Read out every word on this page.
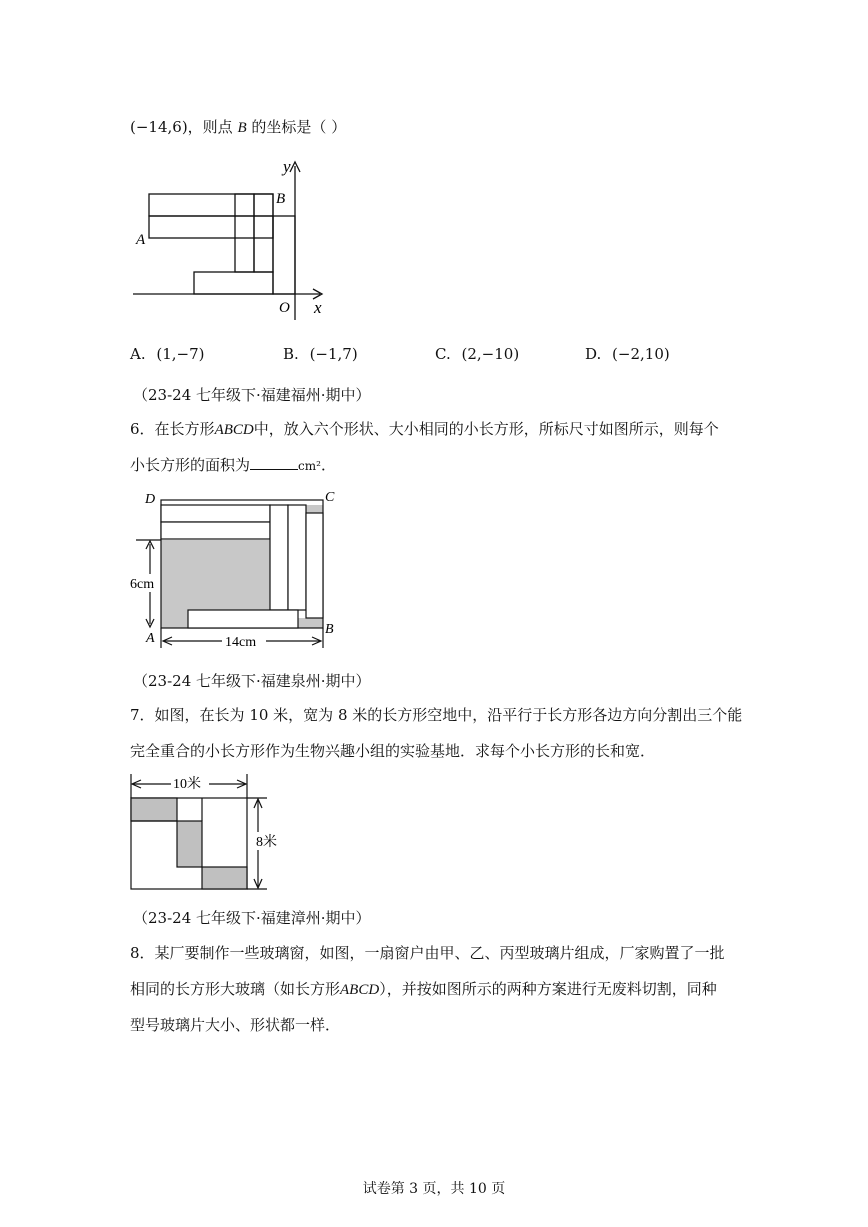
(−14,6)，则点 B 的坐标是（ ）
y
B
A
O x
A. (1,−7)	B. (−1,7)	C. (2,−10)	D. (−2,10)
（23-24 七年级下·福建福州·期中）
6．在长方形ABCD中，放入六个形状、大小相同的小长方形，所标尺寸如图所示，则每个
小长方形的面积为	cm²．
D	C
A
B
6cm
14cm
（23-24 七年级下·福建泉州·期中）
7．如图，在长为 10 米，宽为 8 米的长方形空地中，沿平行于长方形各边方向分割出三个能
完全重合的小长方形作为生物兴趣小组的实验基地．求每个小长方形的长和宽．
10米
8米
（23-24 七年级下·福建漳州·期中）
8．某厂要制作一些玻璃窗，如图，一扇窗户由甲、乙、丙型玻璃片组成，厂家购置了一批
相同的长方形大玻璃（如长方形ABCD），并按如图所示的两种方案进行无废料切割，同种
型号玻璃片大小、形状都一样．
试卷第 3 页，共 10 页
